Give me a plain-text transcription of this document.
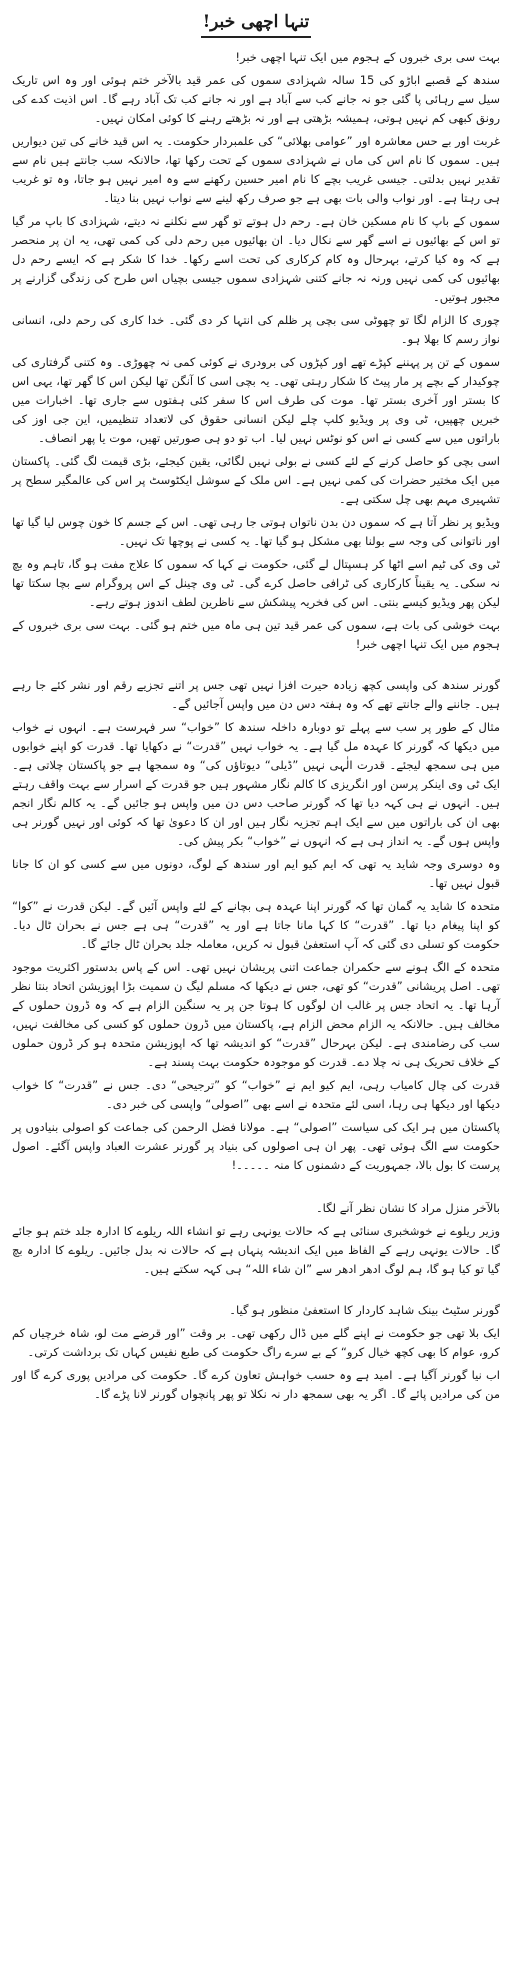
تنہا اچھی خبر!

بہت سی بری خبروں کے ہجوم میں ایک تنہا اچھی خبر!

سندھ کے قصبے اباڑو کی 15 سالہ شہزادی سموں کی عمر قید بالآخر ختم ہوئی اور وہ اس تاریک سیل سے رہائی پا گئی جو نہ جانے کب سے آباد ہے اور نہ جانے کب تک آباد رہے گا۔ اس اذیت کدے کی رونق کبھی کم نہیں ہوتی، ہمیشہ بڑھتی ہے اور نہ بڑھتے رہنے کا کوئی امکان نہیں۔

غربت اور بے حس معاشرہ اور ”عوامی بھلائی“ کی علمبردار حکومت۔ یہ اس قید خانے کی تین دیواریں ہیں۔ سموں کا نام اس کی ماں نے شہزادی سموں کے تحت رکھا تھا، حالانکہ سب جانتے ہیں نام سے تقدیر نہیں بدلتی۔ جیسی غریب بچے کا نام امیر حسین رکھنے سے وہ امیر نہیں ہو جاتا، وہ تو غریب ہی رہتا ہے۔ اور نواب والی بات بھی ہے جو صرف رکھ لینے سے نواب نہیں بنا دیتا۔

سموں کے باپ کا نام مسکین خان ہے۔ رحم دل ہوتے تو گھر سے نکلنے نہ دیتے، شہزادی کا باپ مر گیا تو اس کے بھائیوں نے اسے گھر سے نکال دیا۔ ان بھائیوں میں رحم دلی کی کمی تھی، یہ ان پر منحصر ہے کہ وہ کیا کرتے، بہرحال وہ کام کرکاری کی تحت اسے رکھا۔ خدا کا شکر ہے کہ ایسے رحم دل بھائیوں کی کمی نہیں ورنہ نہ جانے کتنی شہزادی سموں جیسی بچیاں اس طرح کی زندگی گزارنے پر مجبور ہوتیں۔

چوری کا الزام لگا تو چھوٹی سی بچی پر ظلم کی انتہا کر دی گئی۔ خدا کاری کی رحم دلی، انسانی نواز رسم کا بھلا ہو۔

سموں کے تن پر پہننے کپڑے تھے اور کپڑوں کی برودری نے کوئی کمی نہ چھوڑی۔ وہ کتنی گرفتاری کی چوکیدار کے بچے پر مار پیٹ کا شکار رہتی تھی۔ یہ بچی اسی کا آنگن تھا لیکن اس کا گھر تھا، یہی اس کا بستر اور آخری بستر تھا۔ موت کی طرف اس کا سفر کئی ہفتوں سے جاری تھا۔ اخبارات میں خبریں چھپیں، ٹی وی پر ویڈیو کلپ چلے لیکن انسانی حقوق کی لاتعداد تنظیمیں، این جی اوز کی باراتوں میں سے کسی نے اس کو نوٹس نہیں لیا۔ اب تو دو ہی صورتیں تھیں، موت یا پھر انصاف۔

اسی بچی کو حاصل کرنے کے لئے کسی نے بولی نہیں لگائی، یقین کیجئے، بڑی قیمت لگ گئی۔ پاکستان میں ایک مختیر حضرات کی کمی نہیں ہے۔ اس ملک کے سوشل ایکٹوسٹ پر اس کی عالمگیر سطح پر تشہیری مہم بھی چل سکتی ہے۔

ویڈیو پر نظر آتا ہے کہ سموں دن بدن ناتواں ہوتی جا رہی تھی۔ اس کے جسم کا خون چوس لیا گیا تھا اور ناتوانی کی وجہ سے بولنا بھی مشکل ہو گیا تھا۔ یہ کسی نے پوچھا تک نہیں۔

ٹی وی کی ٹیم اسے اٹھا کر ہسپتال لے گئی، حکومت نے کہا کہ سموں کا علاج مفت ہو گا، تاہم وہ بچ نہ سکی۔ یہ یقیناً کارکاری کی ٹرافی حاصل کرے گی۔ ٹی وی چینل کے اس پروگرام سے بچا سکتا تھا لیکن پھر ویڈیو کیسے بنتی۔ اس کی فخریہ پیشکش سے ناظرین لطف اندوز ہوتے رہے۔

بہت خوشی کی بات ہے، سموں کی عمر قید تین ہی ماہ میں ختم ہو گئی۔ بہت سی بری خبروں کے ہجوم میں ایک تنہا اچھی خبر!

گورنر سندھ کی واپسی کچھ زیادہ حیرت افزا نہیں تھی جس پر اتنے تجزیے رقم اور نشر کئے جا رہے ہیں۔ جاننے والے جانتے تھے کہ وہ ہفتہ دس دن میں واپس آجائیں گے۔

مثال کے طور پر سب سے پہلے تو دوبارہ داخلہ سندھ کا ”خواب“ سر فہرست ہے۔ انہوں نے خواب میں دیکھا کہ گورنر کا عہدہ مل گیا ہے۔ یہ خواب نہیں ”قدرت“ نے دکھایا تھا۔ قدرت کو اپنے خوابوں میں ہی سمجھ لیجئے۔ قدرت الٰہی نہیں ”ڈیلی“ دیوتاؤں کی“ وہ سمجھا ہے جو پاکستان چلاتی ہے۔ ایک ٹی وی اینکر پرسن اور انگریزی کا کالم نگار مشہور ہیں جو قدرت کے اسرار سے بہت واقف رہتے ہیں۔ انہوں نے ہی کہہ دیا تھا کہ گورنر صاحب دس دن میں واپس ہو جائیں گے۔ یہ کالم نگار انجم بھی ان کی باراتوں میں سے ایک اہم تجزیہ نگار ہیں اور ان کا دعویٰ تھا کہ کوئی اور نہیں گورنر ہی واپس ہوں گے۔ یہ انداز ہی ہے کہ انہوں نے ”خواب“ بکر پیش کی۔

وہ دوسری وجہ شاید یہ تھی کہ ایم کیو ایم اور سندھ کے لوگ، دونوں میں سے کسی کو ان کا جانا قبول نہیں تھا۔

متحدہ کا شاید یہ گمان تھا کہ گورنر اپنا عہدہ ہی بچانے کے لئے واپس آئیں گے۔ لیکن قدرت نے ”کوا“ کو اپنا پیغام دیا تھا۔ ”قدرت“ کا کہا مانا جاتا ہے اور یہ ”قدرت“ ہی ہے جس نے بحران ٹال دیا۔ حکومت کو تسلی دی گئی کہ آپ استعفیٰ قبول نہ کریں، معاملہ جلد بحران ٹال جائے گا۔

متحدہ کے الگ ہونے سے حکمران جماعت اتنی پریشان نہیں تھی۔ اس کے پاس بدستور اکثریت موجود تھی۔ اصل پریشانی ”قدرت“ کو تھی، جس نے دیکھا کہ مسلم لیگ ن سمیت بڑا اپوزیشن اتحاد بنتا نظر آرہا تھا۔ یہ اتحاد جس پر غالب ان لوگوں کا ہوتا جن پر یہ سنگین الزام ہے کہ وہ ڈرون حملوں کے مخالف ہیں۔ حالانکہ یہ الزام محض الزام ہے، پاکستان میں ڈرون حملوں کو کسی کی مخالفت نہیں، سب کی رضامندی ہے۔ لیکن بہرحال ”قدرت“ کو اندیشہ تھا کہ اپوزیشن متحدہ ہو کر ڈرون حملوں کے خلاف تحریک ہی نہ چلا دے۔ قدرت کو موجودہ حکومت بہت پسند ہے۔

قدرت کی چال کامیاب رہی، ایم کیو ایم نے ”خواب“ کو ”ترجیحی“ دی۔ جس نے ”قدرت“ کا خواب دیکھا اور دیکھا ہی رہا، اسی لئے متحدہ نے اسے بھی ”اصولی“ واپسی کی خبر دی۔

پاکستان میں ہر ایک کی سیاست ”اصولی“ ہے۔ مولانا فضل الرحمن کی جماعت کو اصولی بنیادوں پر حکومت سے الگ ہوئی تھی۔ پھر ان ہی اصولوں کی بنیاد پر گورنر عشرت العباد واپس آگئے۔ اصول پرست کا بول بالا، جمہوریت کے دشمنوں کا منہ ۔۔۔۔۔!

بالآخر منزل مراد کا نشان نظر آنے لگا۔

وزیر ریلوے نے خوشخبری سنائی ہے کہ حالات یونہی رہے تو انشاء اللہ ریلوے کا ادارہ جلد ختم ہو جائے گا۔ حالات یونہی رہے کے الفاظ میں ایک اندیشہ پنہاں ہے کہ حالات نہ بدل جائیں۔ ریلوے کا ادارہ بچ گیا تو کیا ہو گا، ہم لوگ ادھر ادھر سے ”ان شاء اللہ“ ہی کہہ سکتے ہیں۔

گورنر سٹیٹ بینک شاہد کاردار کا استعفیٰ منظور ہو گیا۔

ایک بلا تھی جو حکومت نے اپنے گلے میں ڈال رکھی تھی۔ بر وقت ”اور قرضے مت لو، شاہ خرچیاں کم کرو، عوام کا بھی کچھ خیال کرو“ کے بے سرے راگ حکومت کی طبع نفیس کہاں تک برداشت کرتی۔

اب نیا گورنر آگیا ہے۔ امید ہے وہ حسب خواہش تعاون کرے گا۔ حکومت کی مرادیں پوری کرے گا اور من کی مرادیں پائے گا۔ اگر یہ بھی سمجھ دار نہ نکلا تو پھر پانچواں گورنر لانا پڑے گا۔
